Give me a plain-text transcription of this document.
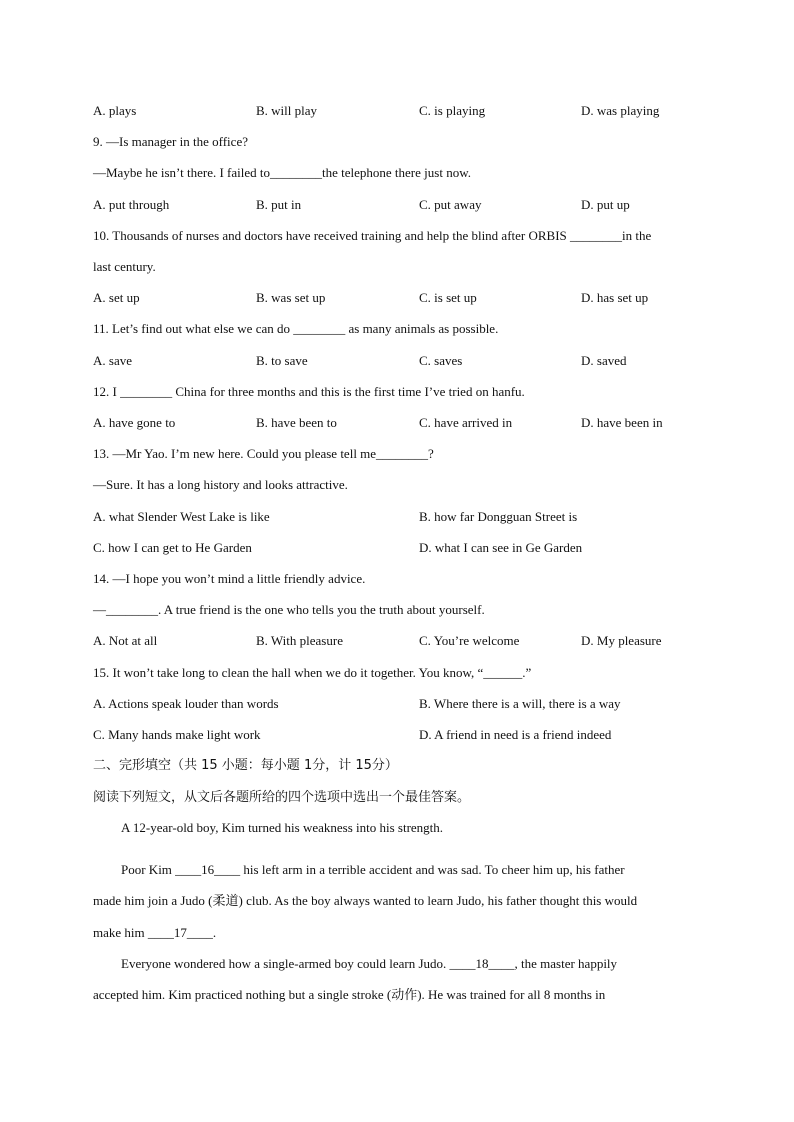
A. plays	B. will play	C. is playing	D. was playing
9. —Is manager in the office?
—Maybe he isn’t there. I failed to________the telephone there just now.
A. put through	B. put in	C. put away	D. put up
10. Thousands of nurses and doctors have received training and help the blind after ORBIS ________in the
last century.
A. set up	B. was set up	C. is set up	D. has set up
11. Let’s find out what else we can do ________ as many animals as possible.
A. save	B. to save	C. saves	D. saved
12. I ________ China for three months and this is the first time I’ve tried on hanfu.
A. have gone to	B. have been to	C. have arrived in	D. have been in
13. —Mr Yao. I’m new here. Could you please tell me________?
—Sure. It has a long history and looks attractive.
A. what Slender West Lake is like	B. how far Dongguan Street is
C. how I can get to He Garden	D. what I can see in Ge Garden
14. —I hope you won’t mind a little friendly advice.
—________. A true friend is the one who tells you the truth about yourself.
A. Not at all	B. With pleasure	C. You’re welcome	D. My pleasure
15. It won’t take long to clean the hall when we do it together. You know, “______.”
A. Actions speak louder than words	B. Where there is a will, there is a way
C. Many hands make light work	D. A friend in need is a friend indeed
二、完形填空（共 15 小题：每小题 1分，计 15分）
阅读下列短文，从文后各题所给的四个选项中选出一个最佳答案。
A 12-year-old boy, Kim turned his weakness into his strength.
Poor Kim ____16____ his left arm in a terrible accident and was sad. To cheer him up, his father
made him join a Judo (柔道) club. As the boy always wanted to learn Judo, his father thought this would
make him ____17____.
Everyone wondered how a single-armed boy could learn Judo. ____18____, the master happily
accepted him. Kim practiced nothing but a single stroke (动作). He was trained for all 8 months in
